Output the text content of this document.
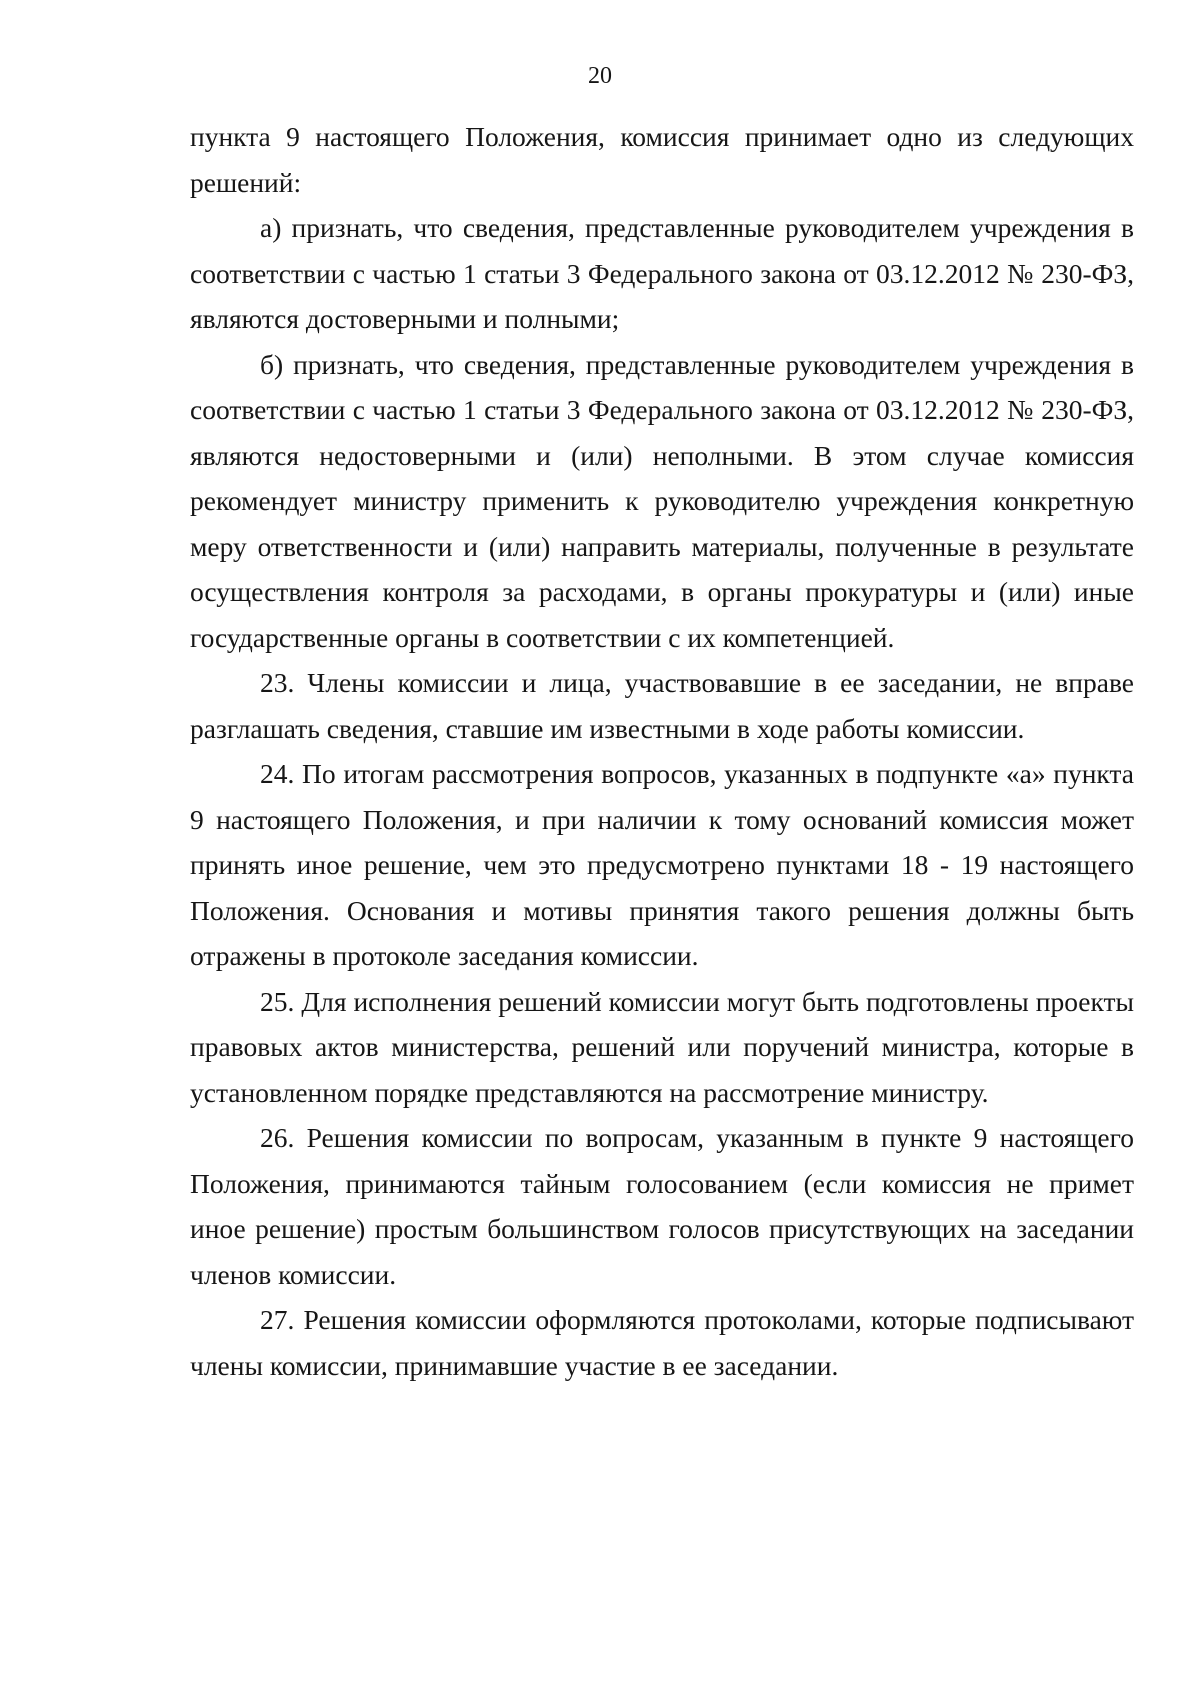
20

пункта 9 настоящего Положения, комиссия принимает одно из следующих решений:

а) признать, что сведения, представленные руководителем учреждения в соответствии с частью 1 статьи 3 Федерального закона от 03.12.2012 № 230-ФЗ, являются достоверными и полными;

б) признать, что сведения, представленные руководителем учреждения в соответствии с частью 1 статьи 3 Федерального закона от 03.12.2012 № 230-ФЗ, являются недостоверными и (или) неполными. В этом случае комиссия рекомендует министру применить к руководителю учреждения конкретную меру ответственности и (или) направить материалы, полученные в результате осуществления контроля за расходами, в органы прокуратуры и (или) иные государственные органы в соответствии с их компетенцией.

23. Члены комиссии и лица, участвовавшие в ее заседании, не вправе разглашать сведения, ставшие им известными в ходе работы комиссии.

24. По итогам рассмотрения вопросов, указанных в подпункте «а» пункта 9 настоящего Положения, и при наличии к тому оснований комиссия может принять иное решение, чем это предусмотрено пунктами 18 - 19 настоящего Положения. Основания и мотивы принятия такого решения должны быть отражены в протоколе заседания комиссии.

25. Для исполнения решений комиссии могут быть подготовлены проекты правовых актов министерства, решений или поручений министра, которые в установленном порядке представляются на рассмотрение министру.

26. Решения комиссии по вопросам, указанным в пункте 9 настоящего Положения, принимаются тайным голосованием (если комиссия не примет иное решение) простым большинством голосов присутствующих на заседании членов комиссии.

27. Решения комиссии оформляются протоколами, которые подписывают члены комиссии, принимавшие участие в ее заседании.
